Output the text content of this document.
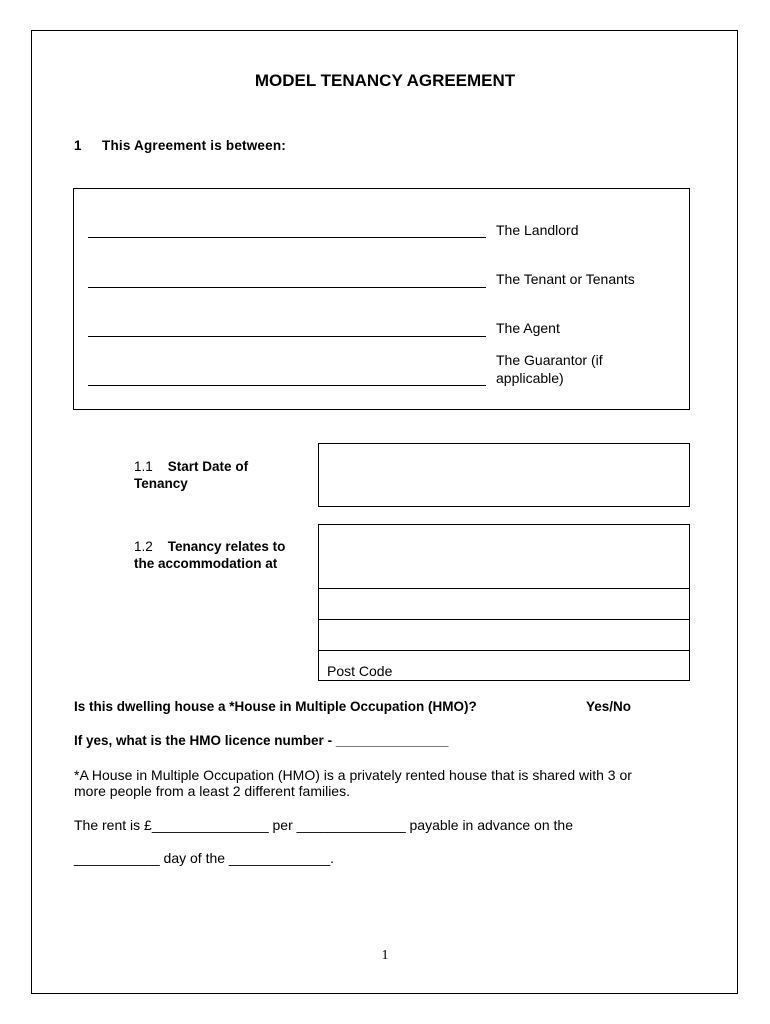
MODEL TENANCY AGREEMENT
1 This Agreement is between:
The Landlord
The Tenant or Tenants
The Agent
The Guarantor (if
applicable)
1.1 Start Date of
Tenancy
1.2 Tenancy relates to
the accommodation at
Post Code
Is this dwelling house a *House in Multiple Occupation (HMO)?	Yes/No
If yes, what is the HMO licence number - _______________
*A House in Multiple Occupation (HMO) is a privately rented house that is shared with 3 or
more people from a least 2 different families.
The rent is £_______________ per ______________ payable in advance on the
___________ day of the _____________.
1
